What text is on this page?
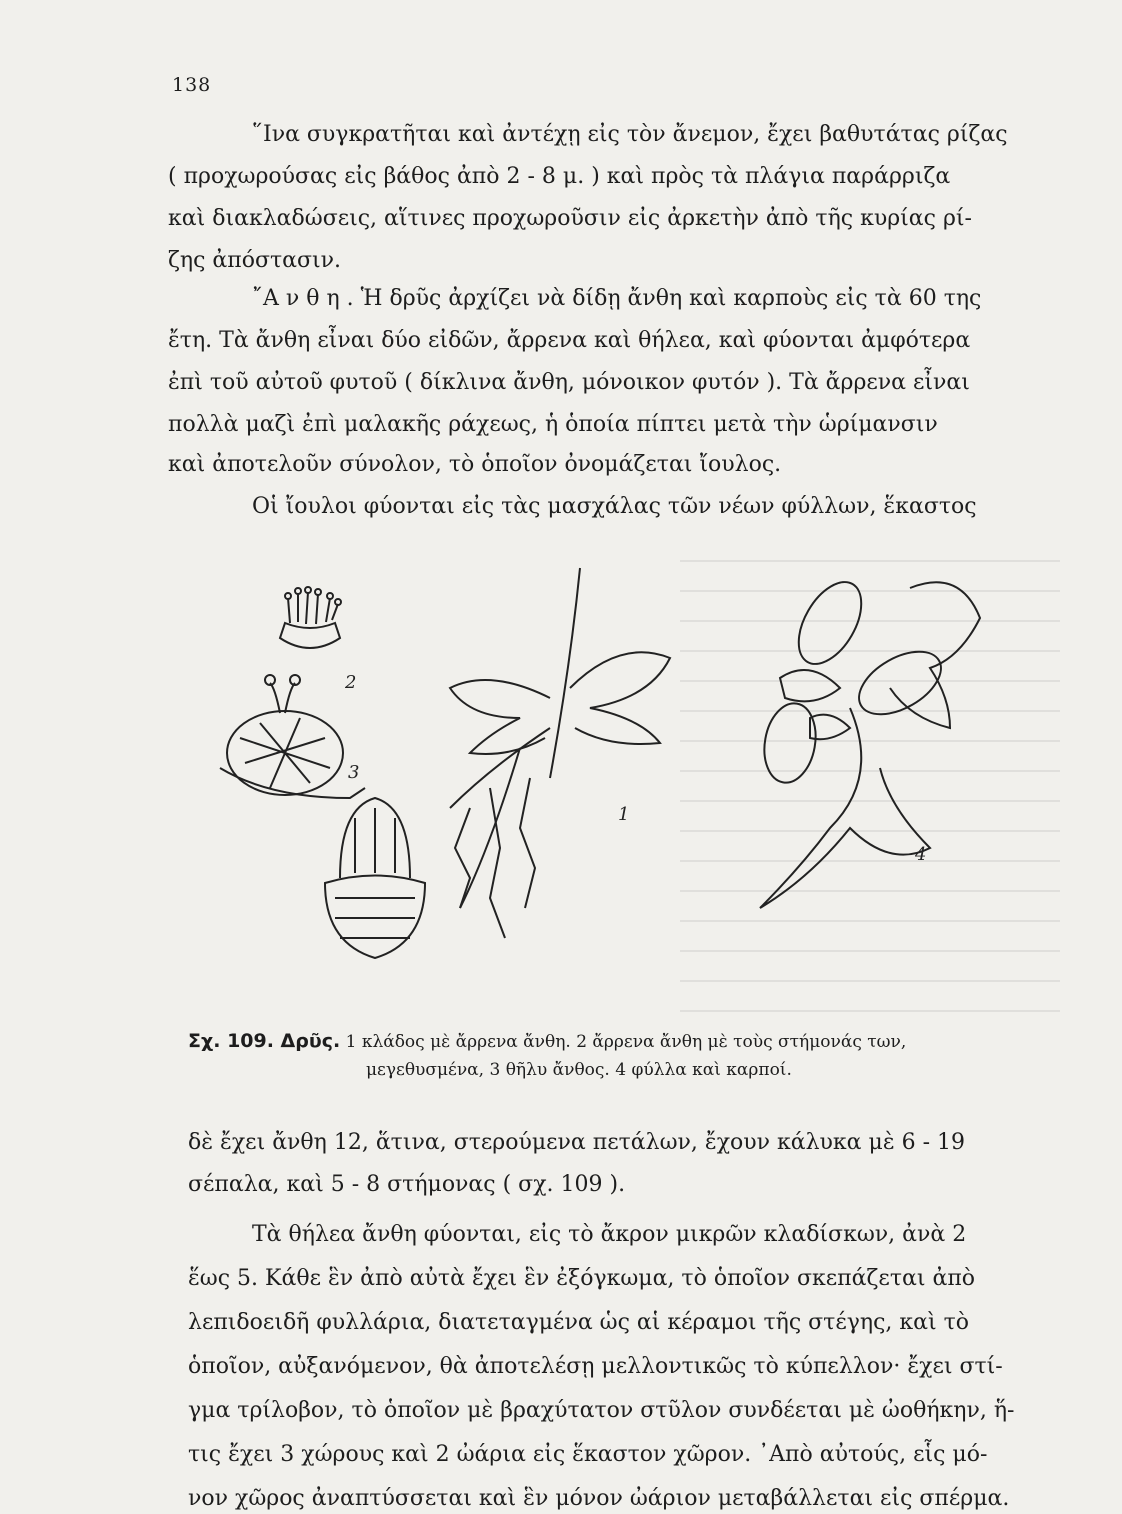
138
῞Ινα συγκρατῆται καὶ ἀντέχῃ εἰς τὸν ἄνεμον, ἔχει βαθυτάτας ρίζας
( προχωρούσας εἰς βάθος ἀπὸ 2 - 8 μ. ) καὶ πρὸς τὰ πλάγια παράρριζα
καὶ διακλαδώσεις, αἵτινες προχωροῦσιν εἰς ἀρκετὴν ἀπὸ τῆς κυρίας ρί-
ζης ἀπόστασιν.
῎Α ν θ η . Ἡ δρῦς ἀρχίζει νὰ δίδῃ ἄνθη καὶ καρποὺς εἰς τὰ 60 της
ἔτη. Τὰ ἄνθη εἶναι δύο εἰδῶν, ἄρρενα καὶ θήλεα, καὶ φύονται ἀμφότερα
ἐπὶ τοῦ αὐτοῦ φυτοῦ ( δίκλινα ἄνθη, μόνοικον φυτόν ). Τὰ ἄρρενα εἶναι
πολλὰ μαζὶ ἐπὶ μαλακῆς ράχεως, ἡ ὁποία πίπτει μετὰ τὴν ὡρίμανσιν
καὶ ἀποτελοῦν σύνολον, τὸ ὁποῖον ὀνομάζεται ἴουλος.
Οἱ ἴουλοι φύονται εἰς τὰς μασχάλας τῶν νέων φύλλων, ἕκαστος
2
3
1
4
Σχ. 109. Δρῦς. 1 κλάδος μὲ ἄρρενα ἄνθη. 2 ἄρρενα ἄνθη μὲ τοὺς στήμονάς των,
μεγεθυσμένα, 3 θῆλυ ἄνθος. 4 φύλλα καὶ καρποί.
δὲ ἔχει ἄνθη 12, ἅτινα, στερούμενα πετάλων, ἔχουν κάλυκα μὲ 6 - 19
σέπαλα, καὶ 5 - 8 στήμονας ( σχ. 109 ).
Τὰ θήλεα ἄνθη φύονται, εἰς τὸ ἄκρον μικρῶν κλαδίσκων, ἀνὰ 2
ἕως 5. Κάθε ἓν ἀπὸ αὐτὰ ἔχει ἓν ἐξόγκωμα, τὸ ὁποῖον σκεπάζεται ἀπὸ
λεπιδοειδῆ φυλλάρια, διατεταγμένα ὡς αἱ κέραμοι τῆς στέγης, καὶ τὸ
ὁποῖον, αὐξανόμενον, θὰ ἀποτελέσῃ μελλοντικῶς τὸ κύπελλον· ἔχει στί-
γμα τρίλοβον, τὸ ὁποῖον μὲ βραχύτατον στῦλον συνδέεται μὲ ὠοθήκην, ἥ-
τις ἔχει 3 χώρους καὶ 2 ὠάρια εἰς ἕκαστον χῶρον. ᾿Απὸ αὐτούς, εἷς μό-
νον χῶρος ἀναπτύσσεται καὶ ἓν μόνον ὠάριον μεταβάλλεται εἰς σπέρμα.
